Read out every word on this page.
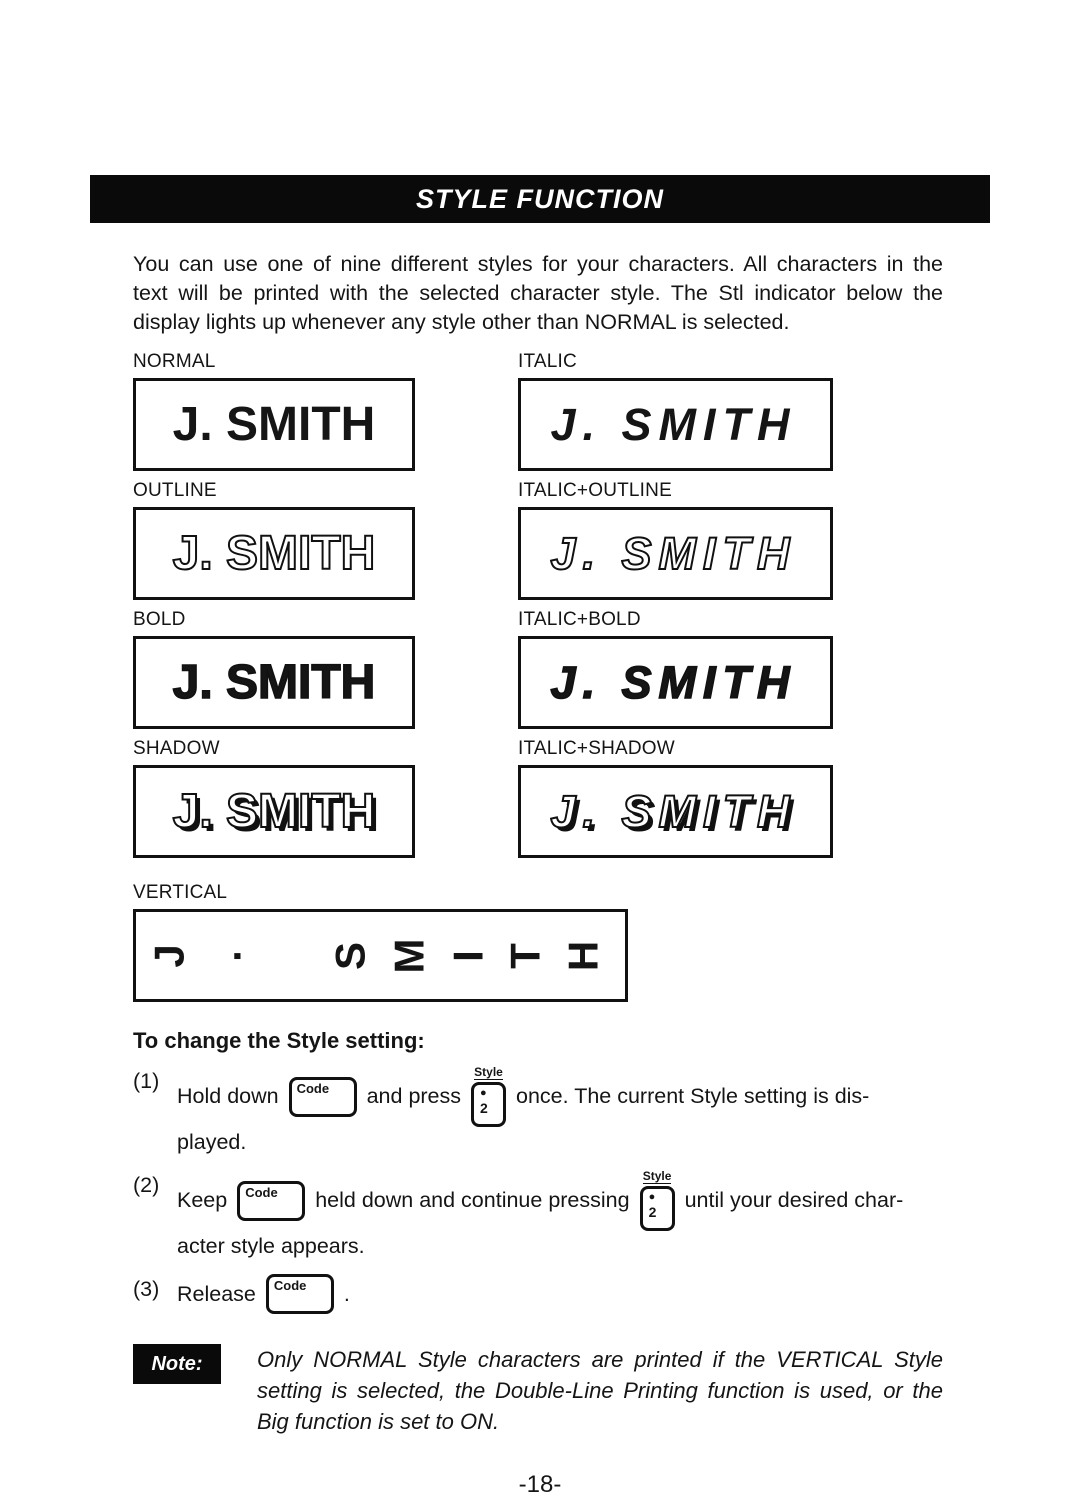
STYLE FUNCTION
You can use one of nine different styles for your characters. All characters in the
text will be printed with the selected character style. The Stl indicator below the
display lights up whenever any style other than NORMAL is selected.
NORMAL
J. SMITH
ITALIC
J. SMITH
OUTLINE
J. SMITH
ITALIC+OUTLINE
J. SMITH
BOLD
J. SMITH
ITALIC+BOLD
J. SMITH
SHADOW
J. SMITH
ITALIC+SHADOW
J. SMITH
VERTICAL
J . S M I T H
To change the Style setting:
(1)
Hold down	Code	and press
Style
●
2
once. The current Style setting is dis-
played.
(2)
Keep	Code	held down and continue pressing
Style
●
2
until your desired char-
acter style appears.
(3) Release	Code	.
Note:	Only NORMAL Style characters are printed if the VERTICAL Style
setting is selected, the Double-Line Printing function is used, or the
Big function is set to ON.
-18-
